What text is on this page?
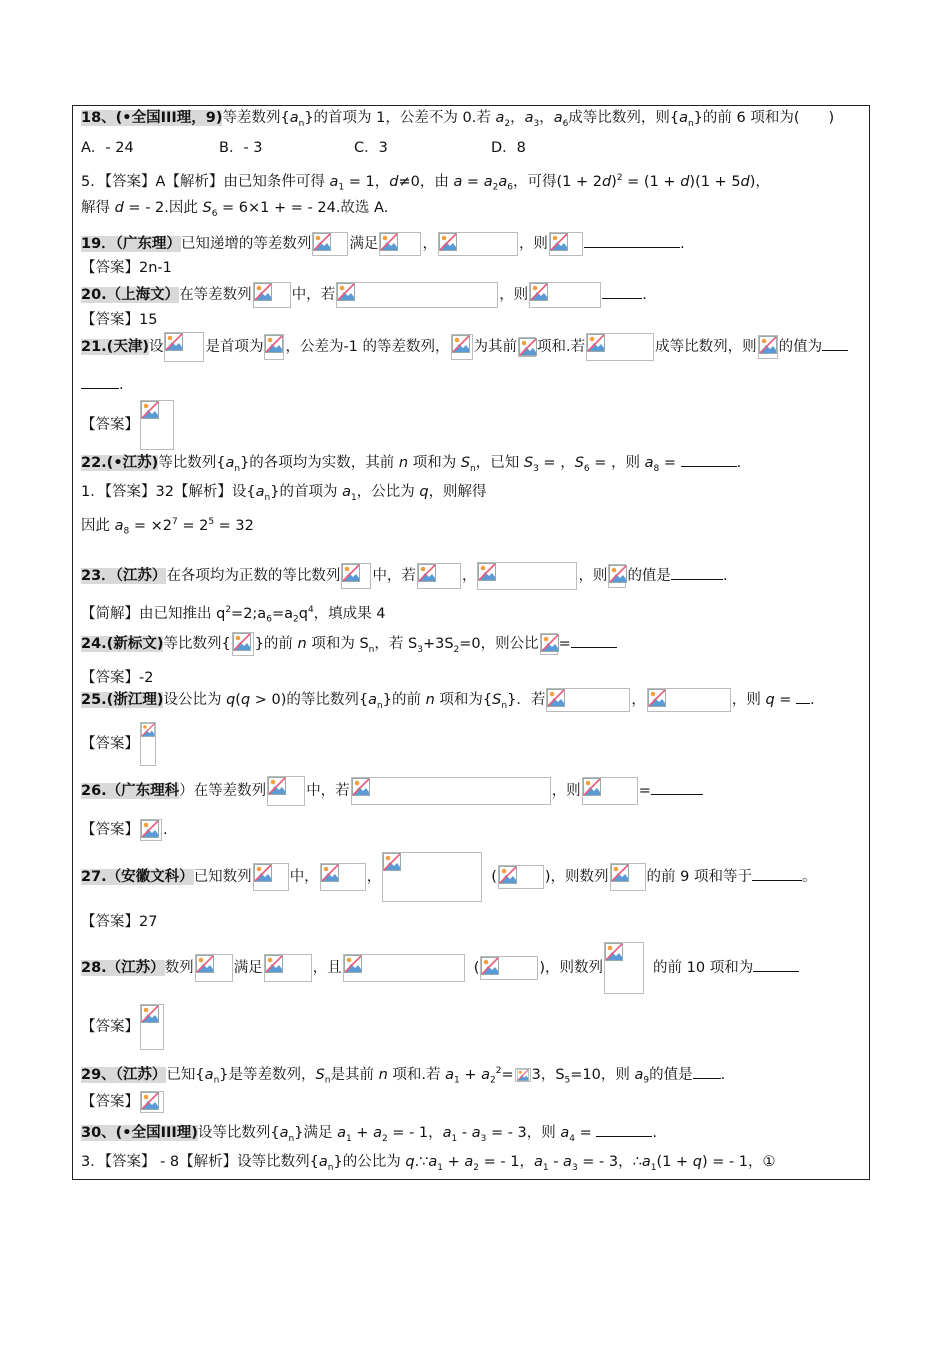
18、(•全国III理，9)等差数列$\{a_n\}$的首项为 1，公差不为 0.若 $a_2$，$a_3$，$a_6$成等比数列，则$\{a_n\}$的前 6 项和为(　　)
A．- 24	B．- 3	C．3	D．8
5．【答案】A【解析】由已知条件可得 $a_1 = 1$，d≠0，由 $a = a_2a_6$，可得$(1 + 2d)^2 = (1 + d)(1 + 5d)$，
解得 d = - 2.因此 $S_6 = 6\times 1$ + = - 24.故选 A.
19．（广东理）已知递增的等差数列	满足	，	，则	.
【答案】2n-1
20.（上海文）在等差数列	中，若	，则	.
【答案】15
21.(天津)设	是首项为 ，公差为-1 的等差数列， 为其前 项和.若	成等比数列，则 的值为
.
【答案】
22.(•江苏)等比数列$\{a_n\}$的各项均为实数，其前 n 项和为 $S_n$，已知 $S_3$ = ，$S_6$ = ，则 $a_8$ =	.
1．【答案】32【解析】设$\{a_n\}$的首项为 $a_1$，公比为 q，则解得
因此 $a_8 = \times 2^7 = 2^5 = 32$
23．（江苏）在各项均为正数的等比数列 中，若	，	，则 的值是	.
【简解】由已知推出 $q^2=2;a_6=a_2q^4$，填成果 4
24.(新标文)等比数列{ }的前 n 项和为 $S_n$，若 $S_3+3S_2=0$，则公比 =
【答案】-2
25.(浙江理)设公比为 q(q > 0)的等比数列$\{a_n\}$的前 n 项和为$\{S_n\}$．若	，	，则 q = .
【答案】
26.（广东理科）在等差数列	中，若	，则	=
【答案】 .
27.（安徽文科）已知数列	中，	，	(	)，则数列	的前 9 项和等于	。
【答案】27
28.（江苏）数列	满足	，且	(	)，则数列	的前 10 项和为
【答案】
29、（江苏）已知$\{a_n\}$是等差数列，$S_n$是其前 n 项和.若 $a_1 + a_2^2= 3$，$S_5=10$，则 $a_9$的值是 .
【答案】
30、(•全国III理)设等比数列$\{a_n\}$满足 $a_1 + a_2$ = - 1，$a_1 - a_3$ = - 3，则 $a_4$ =	.
3．【答案】 - 8【解析】设等比数列$\{a_n\}$的公比为 $q.\because a_1 + a_2$ = - 1，$a_1 - a_3$ = - 3，$\therefore a_1(1 + q)$ = - 1，①
